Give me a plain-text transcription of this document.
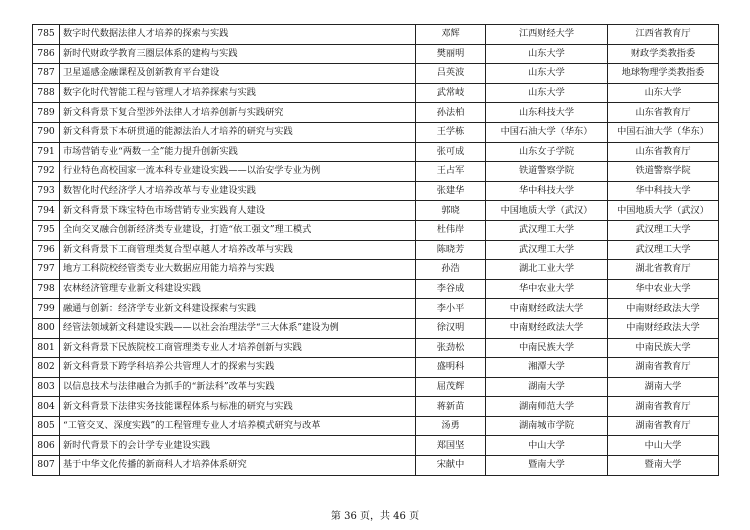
785	数字时代数据法律人才培养的探索与实践	邓辉	江西财经大学	江西省教育厅
786	新时代财政学教育三圈层体系的建构与实践	樊丽明	山东大学	财政学类教指委
787	卫星遥感金融课程及创新教育平台建设	吕英波	山东大学	地球物理学类教指委
788	数字化时代智能工程与管理人才培养探索与实践	武常岐	山东大学	山东大学
789	新文科背景下复合型涉外法律人才培养创新与实践研究	孙法柏	山东科技大学	山东省教育厅
790	新文科背景下本研贯通的能源法治人才培养的研究与实践	王学栋	中国石油大学（华东）	中国石油大学（华东）
791	市场营销专业“两数一全”能力提升创新实践	张可成	山东女子学院	山东省教育厅
792	行业特色高校国家一流本科专业建设实践——以治安学专业为例	王占军	铁道警察学院	铁道警察学院
793	数智化时代经济学人才培养改革与专业建设实践	张建华	华中科技大学	华中科技大学
794	新文科背景下珠宝特色市场营销专业实践育人建设	郭晓	中国地质大学（武汉）	中国地质大学（武汉）
795	全向交叉融合创新经济类专业建设，打造“依工强文”理工模式	杜伟岸	武汉理工大学	武汉理工大学
796	新文科背景下工商管理类复合型卓越人才培养改革与实践	陈晓芳	武汉理工大学	武汉理工大学
797	地方工科院校经管类专业大数据应用能力培养与实践	孙浩	湖北工业大学	湖北省教育厅
798	农林经济管理专业新文科建设实践	李谷成	华中农业大学	华中农业大学
799	融通与创新：经济学专业新文科建设探索与实践	李小平	中南财经政法大学	中南财经政法大学
800	经管法领域新文科建设实践——以社会治理法学“三大体系”建设为例	徐汉明	中南财经政法大学	中南财经政法大学
801	新文科背景下民族院校工商管理类专业人才培养创新与实践	张劲松	中南民族大学	中南民族大学
802	新文科背景下跨学科培养公共管理人才的探索与实践	盛明科	湘潭大学	湖南省教育厅
803	以信息技术与法律融合为抓手的“新法科”改革与实践	屈茂辉	湖南大学	湖南大学
804	新文科背景下法律实务技能课程体系与标准的研究与实践	蒋新苗	湖南师范大学	湖南省教育厅
805	“工管交叉、深度实践”的工程管理专业人才培养模式研究与改革	汤勇	湖南城市学院	湖南省教育厅
806	新时代背景下的会计学专业建设实践	郑国坚	中山大学	中山大学
807	基于中华文化传播的新商科人才培养体系研究	宋献中	暨南大学	暨南大学
第 36 页，共 46 页
